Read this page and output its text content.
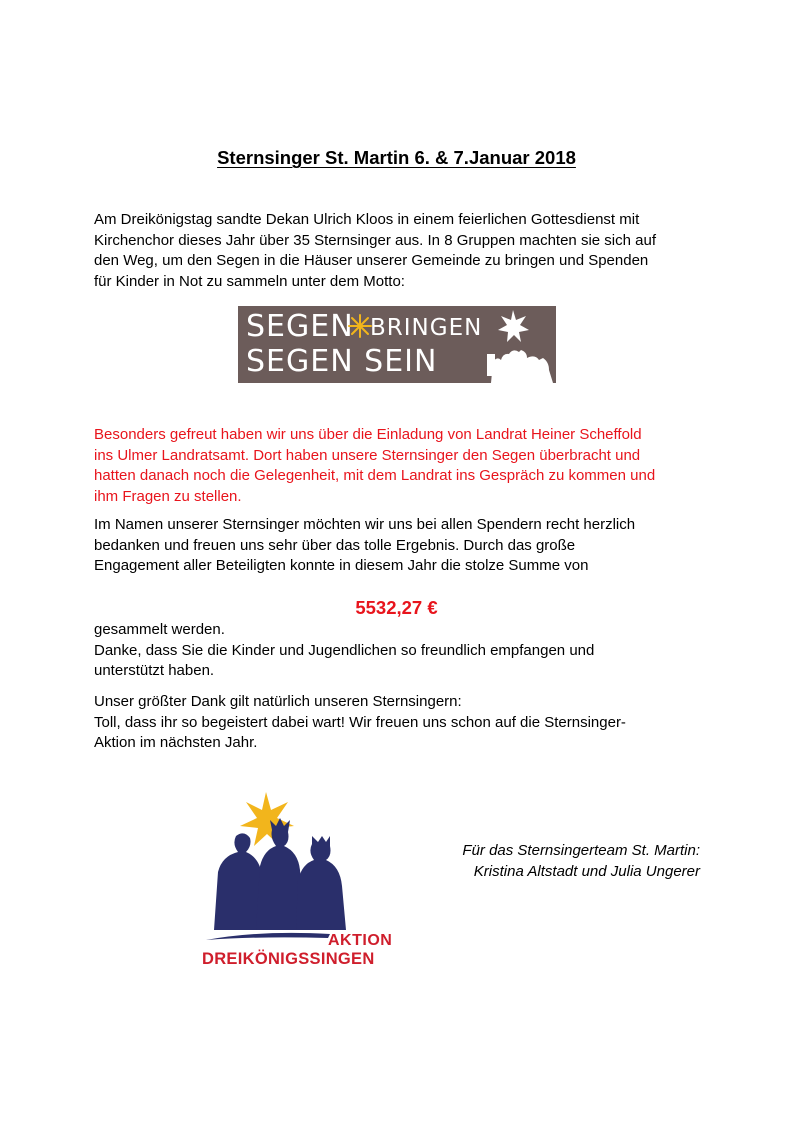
Sternsinger St. Martin 6. & 7.Januar 2018

Am Dreikönigstag sandte Dekan Ulrich Kloos in einem feierlichen Gottesdienst mit
Kirchenchor dieses Jahr über 35 Sternsinger aus. In 8 Gruppen machten sie sich auf
den Weg, um den Segen in die Häuser unserer Gemeinde zu bringen und Spenden
für Kinder in Not zu sammeln unter dem Motto:

SEGEN BRINGEN
SEGEN SEIN

Besonders gefreut haben wir uns über die Einladung von Landrat Heiner Scheffold
ins Ulmer Landratsamt. Dort haben unsere Sternsinger den Segen überbracht und
hatten danach noch die Gelegenheit, mit dem Landrat ins Gespräch zu kommen und
ihm Fragen zu stellen.

Im Namen unserer Sternsinger möchten wir uns bei allen Spendern recht herzlich
bedanken und freuen uns sehr über das tolle Ergebnis. Durch das große
Engagement aller Beteiligten konnte in diesem Jahr die stolze Summe von

5532,27 €

gesammelt werden.
Danke, dass Sie die Kinder und Jugendlichen so freundlich empfangen und
unterstützt haben.

Unser größter Dank gilt natürlich unseren Sternsingern:
Toll, dass ihr so begeistert dabei wart! Wir freuen uns schon auf die Sternsinger-
Aktion im nächsten Jahr.

AKTION
DREIKÖNIGSSINGEN

Für das Sternsingerteam St. Martin:
Kristina Altstadt und Julia Ungerer
